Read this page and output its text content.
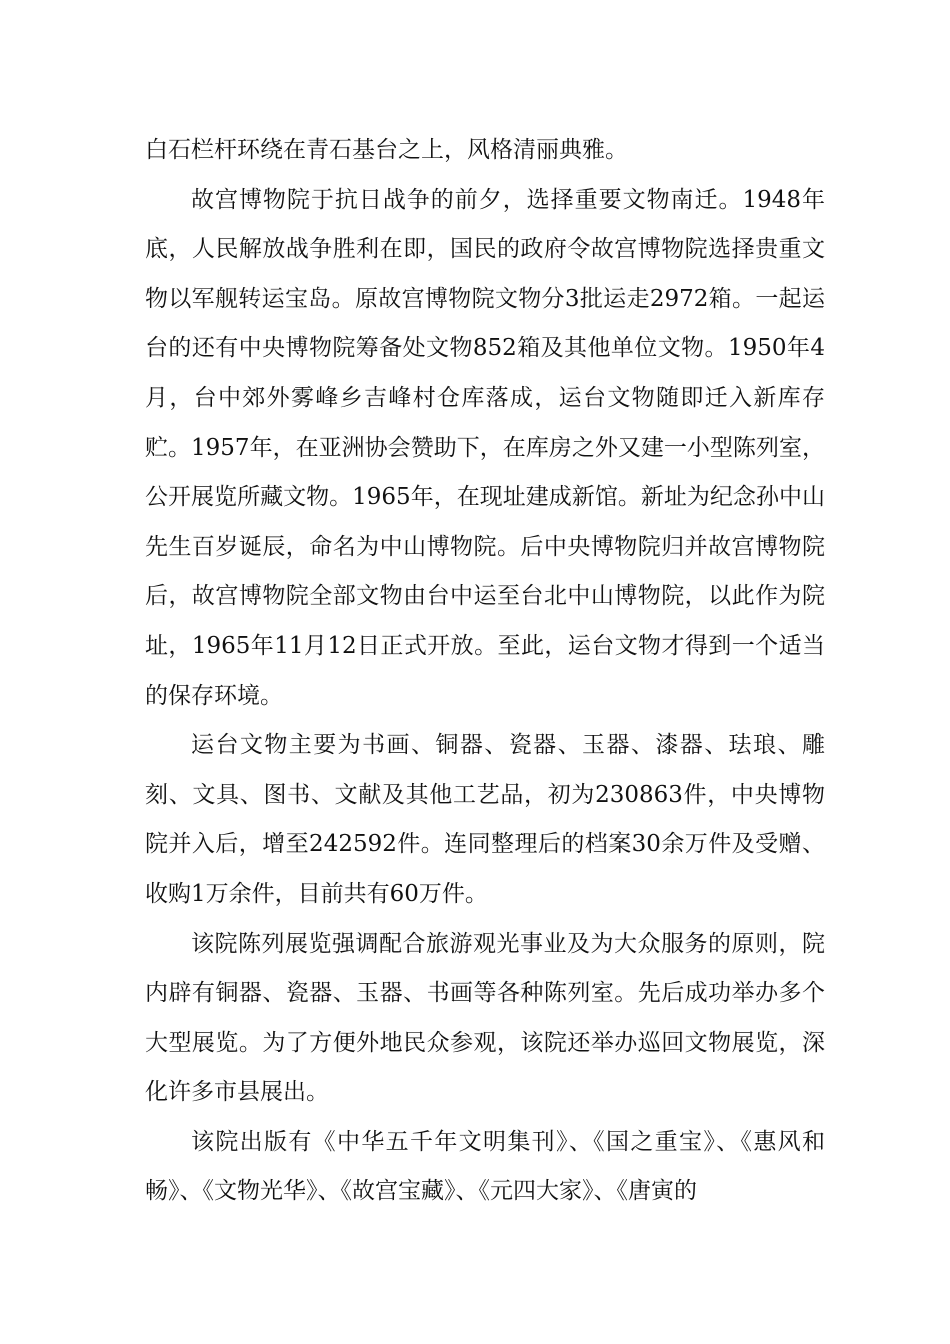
白石栏杆环绕在青石基台之上，风格清丽典雅。

故宫博物院于抗日战争的前夕，选择重要文物南迁。1948年底，人民解放战争胜利在即，国民的政府令故宫博物院选择贵重文物以军舰转运宝岛。原故宫博物院文物分3批运走2972箱。一起运台的还有中央博物院筹备处文物852箱及其他单位文物。1950年4月，台中郊外雾峰乡吉峰村仓库落成，运台文物随即迁入新库存贮。1957年，在亚洲协会赞助下，在库房之外又建一小型陈列室，公开展览所藏文物。1965年，在现址建成新馆。新址为纪念孙中山先生百岁诞辰，命名为中山博物院。后中央博物院归并故宫博物院后，故宫博物院全部文物由台中运至台北中山博物院，以此作为院址，1965年11月12日正式开放。至此，运台文物才得到一个适当的保存环境。

运台文物主要为书画、铜器、瓷器、玉器、漆器、珐琅、雕刻、文具、图书、文献及其他工艺品，初为230863件，中央博物院并入后，增至242592件。连同整理后的档案30余万件及受赠、收购1万余件，目前共有60万件。

该院陈列展览强调配合旅游观光事业及为大众服务的原则，院内辟有铜器、瓷器、玉器、书画等各种陈列室。先后成功举办多个大型展览。为了方便外地民众参观，该院还举办巡回文物展览，深化许多市县展出。

该院出版有《中华五千年文明集刊》、《国之重宝》、《惠风和畅》、《文物光华》、《故宫宝藏》、《元四大家》、《唐寅的
